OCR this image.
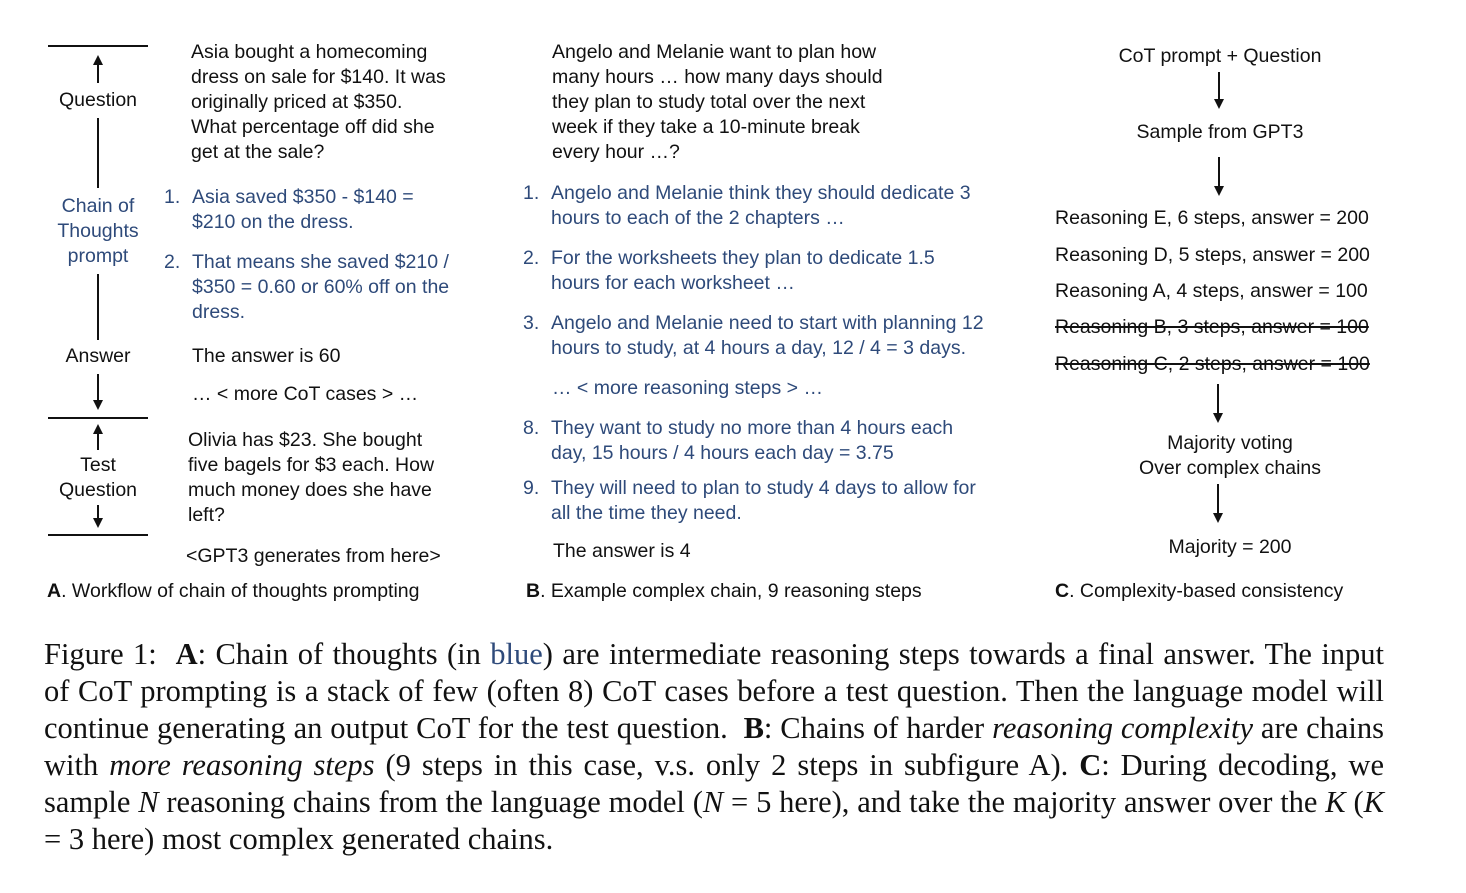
Question
Chain of
Thoughts
prompt
Answer
Test
Question
Asia bought a homecoming
dress on sale for $140. It was
originally priced at $350.
What percentage off did she
get at the sale?
1. Asia saved $350 - $140 =
$210 on the dress.
2. That means she saved $210 /
$350 = 0.60 or 60% off on the
dress.
The answer is 60
… < more CoT cases > …
Olivia has $23. She bought
five bagels for $3 each. How
much money does she have
left?
<GPT3 generates from here>
A. Workflow of chain of thoughts prompting
Angelo and Melanie want to plan how
many hours … how many days should
they plan to study total over the next
week if they take a 10-minute break
every hour …?
1. Angelo and Melanie think they should dedicate 3
hours to each of the 2 chapters …
2. For the worksheets they plan to dedicate 1.5
hours for each worksheet …
3. Angelo and Melanie need to start with planning 12
hours to study, at 4 hours a day, 12 / 4 = 3 days.
… < more reasoning steps > …
8. They want to study no more than 4 hours each
day, 15 hours / 4 hours each day = 3.75
9. They will need to plan to study 4 days to allow for
all the time they need.
The answer is 4
B. Example complex chain, 9 reasoning steps
CoT prompt + Question
Sample from GPT3
Reasoning E, 6 steps, answer = 200
Reasoning D, 5 steps, answer = 200
Reasoning A, 4 steps, answer = 100
Reasoning B, 3 steps, answer = 100
Reasoning C, 2 steps, answer = 100
Majority voting
Over complex chains
Majority = 200
C. Complexity-based consistency
Figure 1: A: Chain of thoughts (in blue) are intermediate reasoning steps towards a final answer. The input of CoT prompting is a stack of few (often 8) CoT cases before a test question. Then the language model will continue generating an output CoT for the test question. B: Chains of harder reasoning complexity are chains with more reasoning steps (9 steps in this case, v.s. only 2 steps in subfigure A). C: During decoding, we sample N reasoning chains from the language model (N = 5 here), and take the majority answer over the K (K = 3 here) most complex generated chains.
